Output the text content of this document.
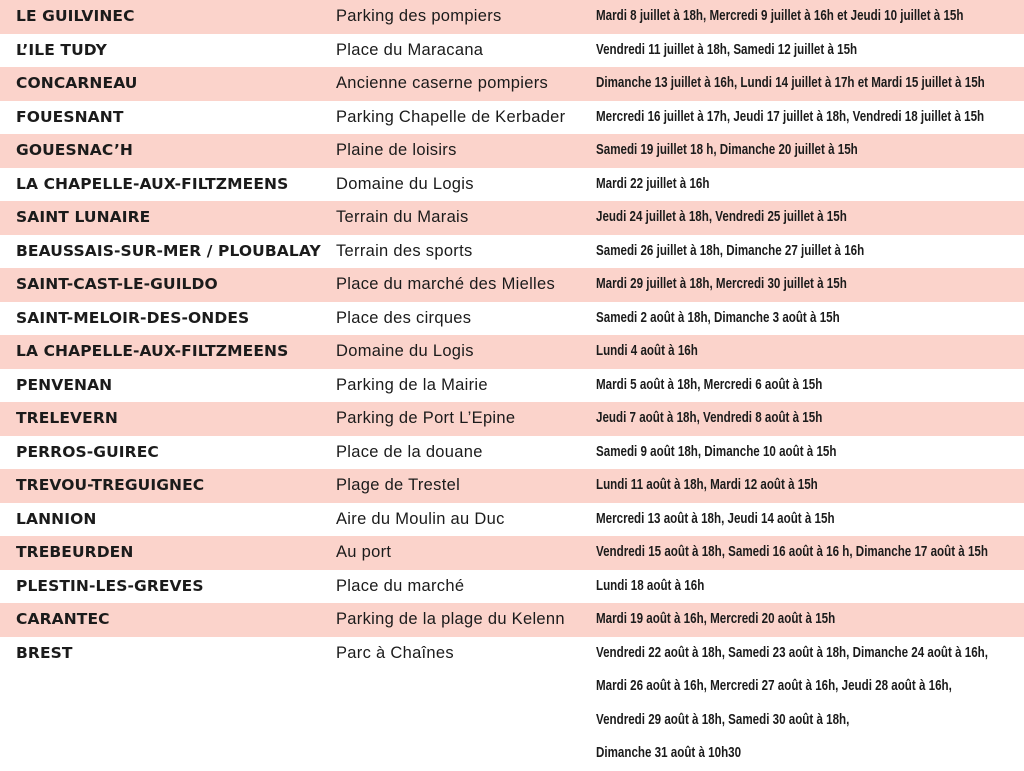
LE GUILVINEC	Parking des pompiers	Mardi 8 juillet à 18h, Mercredi 9 juillet à 16h et Jeudi 10 juillet à 15h
L’ILE TUDY	Place du Maracana	Vendredi 11 juillet à 18h, Samedi 12 juillet à 15h
CONCARNEAU	Ancienne caserne pompiers	Dimanche 13 juillet à 16h, Lundi 14 juillet à 17h et Mardi 15 juillet à 15h
FOUESNANT	Parking Chapelle de Kerbader Mercredi 16 juillet à 17h, Jeudi 17 juillet à 18h, Vendredi 18 juillet à 15h
GOUESNAC’H	Plaine de loisirs	Samedi 19 juillet 18 h, Dimanche 20 juillet à 15h
LA CHAPELLE-AUX-FILTZMEENS	Domaine du Logis	Mardi 22 juillet à 16h
SAINT LUNAIRE	Terrain du Marais	Jeudi 24 juillet à 18h, Vendredi 25 juillet à 15h
BEAUSSAIS-SUR-MER / PLOUBALAY Terrain des sports	Samedi 26 juillet à 18h, Dimanche 27 juillet à 16h
SAINT-CAST-LE-GUILDO	Place du marché des Mielles	Mardi 29 juillet à 18h, Mercredi 30 juillet à 15h
SAINT-MELOIR-DES-ONDES	Place des cirques	Samedi 2 août à 18h, Dimanche 3 août à 15h
LA CHAPELLE-AUX-FILTZMEENS	Domaine du Logis	Lundi 4 août à 16h
PENVENAN	Parking de la Mairie	Mardi 5 août à 18h, Mercredi 6 août à 15h
TRELEVERN	Parking de Port L’Epine	Jeudi 7 août à 18h, Vendredi 8 août à 15h
PERROS-GUIREC	Place de la douane	Samedi 9 août 18h, Dimanche 10 août à 15h
TREVOU-TREGUIGNEC	Plage de Trestel	Lundi 11 août à 18h, Mardi 12 août à 15h
LANNION	Aire du Moulin au Duc	Mercredi 13 août à 18h, Jeudi 14 août à 15h
TREBEURDEN	Au port	Vendredi 15 août à 18h, Samedi 16 août à 16 h, Dimanche 17 août à 15h
PLESTIN-LES-GREVES	Place du marché	Lundi 18 août à 16h
CARANTEC	Parking de la plage du Kelenn Mardi 19 août à 16h, Mercredi 20 août à 15h
BREST	Parc à Chaînes	Vendredi 22 août à 18h, Samedi 23 août à 18h, Dimanche 24 août à 16h,
Mardi 26 août à 16h, Mercredi 27 août à 16h, Jeudi 28 août à 16h,
Vendredi 29 août à 18h, Samedi 30 août à 18h,
Dimanche 31 août à 10h30
